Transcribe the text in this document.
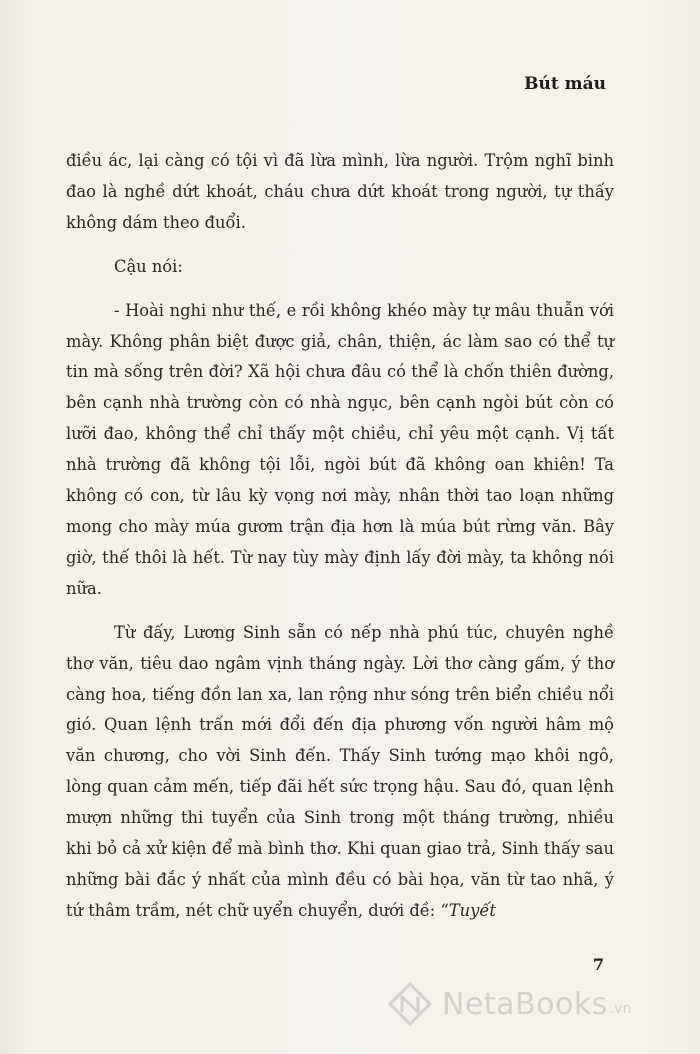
Bút máu

điều ác, lại càng có tội vì đã lừa mình, lừa người. Trộm nghĩ binh đao là nghề dứt khoát, cháu chưa dứt khoát trong người, tự thấy không dám theo đuổi.

Cậu nói:

- Hoài nghi như thế, e rồi không khéo mày tự mâu thuẫn với mày. Không phân biệt được giả, chân, thiện, ác làm sao có thể tự tin mà sống trên đời? Xã hội chưa đâu có thể là chốn thiên đường, bên cạnh nhà trường còn có nhà ngục, bên cạnh ngòi bút còn có lưỡi đao, không thể chỉ thấy một chiều, chỉ yêu một cạnh. Vị tất nhà trường đã không tội lỗi, ngòi bút đã không oan khiên! Ta không có con, từ lâu kỳ vọng nơi mày, nhân thời tao loạn những mong cho mày múa gươm trận địa hơn là múa bút rừng văn. Bây giờ, thế thôi là hết. Từ nay tùy mày định lấy đời mày, ta không nói nữa.

Từ đấy, Lương Sinh sẵn có nếp nhà phú túc, chuyên nghề thơ văn, tiêu dao ngâm vịnh tháng ngày. Lời thơ càng gấm, ý thơ càng hoa, tiếng đồn lan xa, lan rộng như sóng trên biển chiều nổi gió. Quan lệnh trấn mới đổi đến địa phương vốn người hâm mộ văn chương, cho vời Sinh đến. Thấy Sinh tướng mạo khôi ngô, lòng quan cảm mến, tiếp đãi hết sức trọng hậu. Sau đó, quan lệnh mượn những thi tuyển của Sinh trong một tháng trường, nhiều khi bỏ cả xử kiện để mà bình thơ. Khi quan giao trả, Sinh thấy sau những bài đắc ý nhất của mình đều có bài họa, văn từ tao nhã, ý tứ thâm trầm, nét chữ uyển chuyển, dưới đề: “Tuyết

7
NetaBooks .vn
